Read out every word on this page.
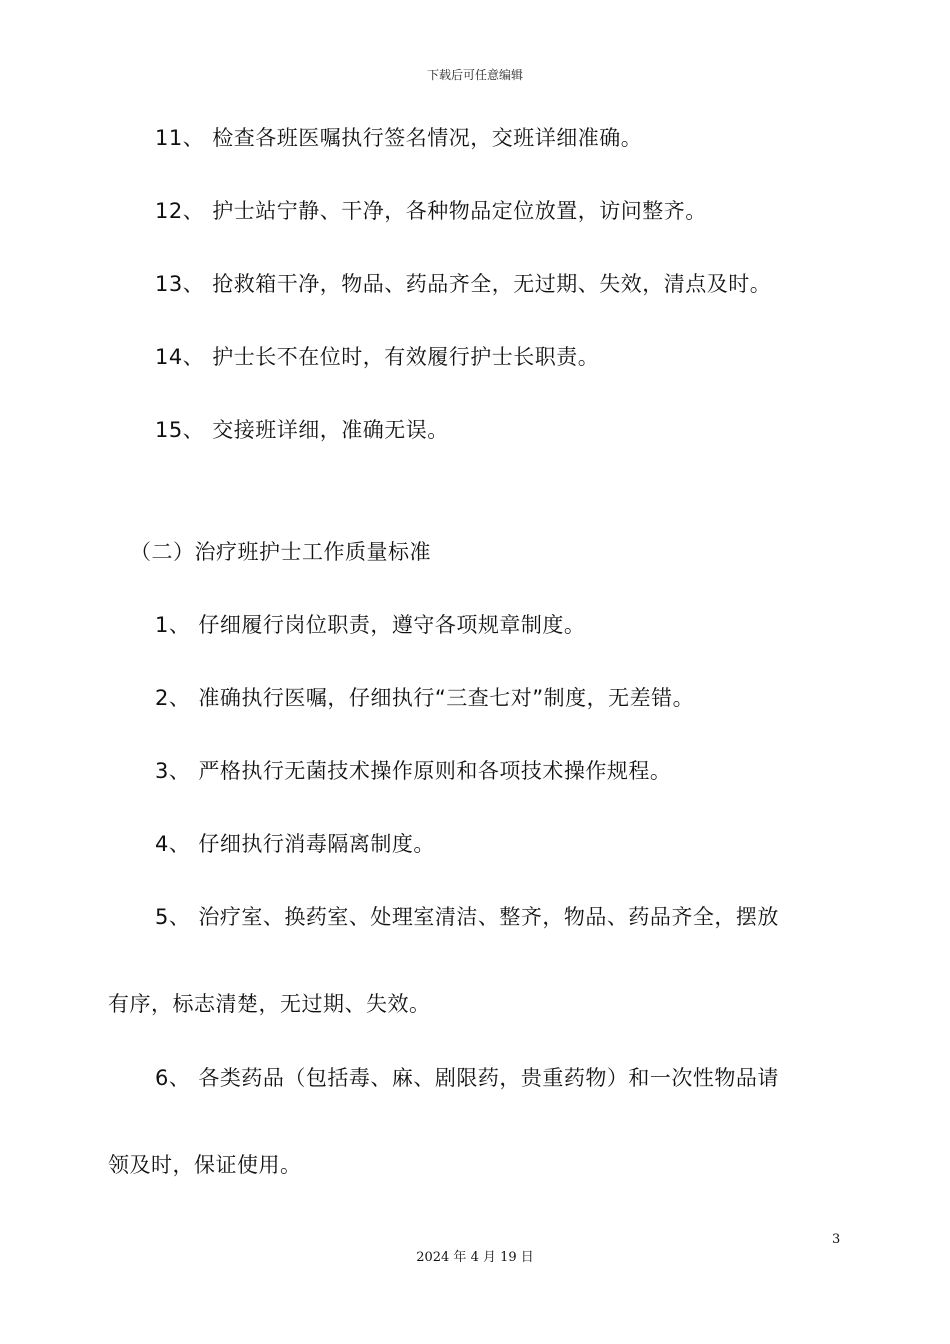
下载后可任意编辑
11、 检查各班医嘱执行签名情况，交班详细准确。
12、 护士站宁静、干净，各种物品定位放置，访问整齐。
13、 抢救箱干净，物品、药品齐全，无过期、失效，清点及时。
14、 护士长不在位时，有效履行护士长职责。
15、 交接班详细，准确无误。
（二）治疗班护士工作质量标准
1、 仔细履行岗位职责，遵守各项规章制度。
2、 准确执行医嘱，仔细执行“三查七对”制度，无差错。
3、 严格执行无菌技术操作原则和各项技术操作规程。
4、 仔细执行消毒隔离制度。
5、 治疗室、换药室、处理室清洁、整齐，物品、药品齐全，摆放
有序，标志清楚，无过期、失效。
6、 各类药品（包括毒、麻、剧限药，贵重药物）和一次性物品请
领及时，保证使用。
3
2024 年 4 月 19 日
